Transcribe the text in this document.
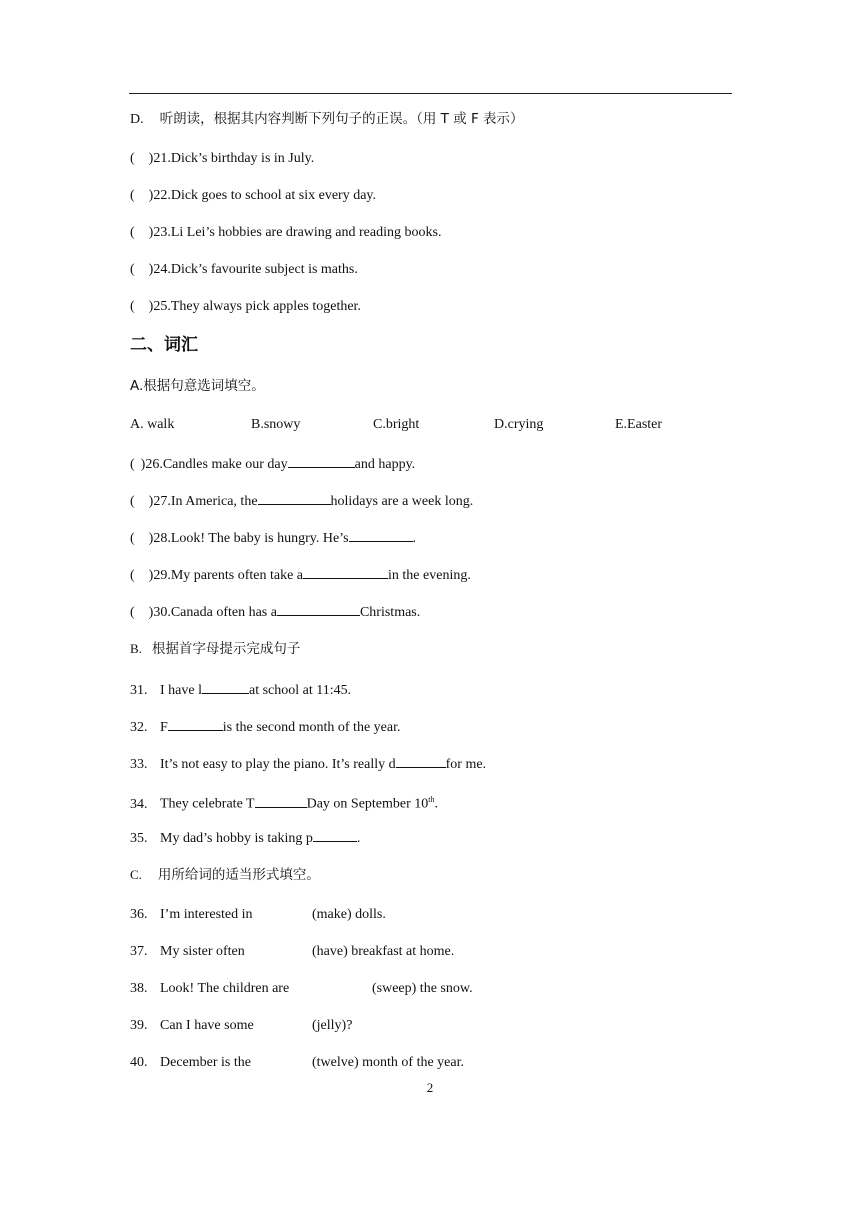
D. 听朗读，根据其内容判断下列句子的正误。（用 T 或 F 表示）
( )21.Dick’s birthday is in July.
( )22.Dick goes to school at six every day.
( )23.Li Lei’s hobbies are drawing and reading books.
( )24.Dick’s favourite subject is maths.
( )25.They always pick apples together.
二、词汇
A.根据句意选词填空。
A. walk	B.snowy	C.bright	D.crying	E.Easter
( )26.Candles make our day	and happy.
( )27.In America, the	holidays are a week long.
( )28.Look! The baby is hungry. He’s	.
( )29.My parents often take a	in the evening.
( )30.Canada often has a	Christmas.
B. 根据首字母提示完成句子
31. I have l	at school at 11:45.
32. F	is the second month of the year.
33. It’s not easy to play the piano. It’s really d	for me.
34. They celebrate T	Day on September 10th.
35. My dad’s hobby is taking p	.
C. 用所给词的适当形式填空。
36. I’m interested in	(make) dolls.
37. My sister often	(have) breakfast at home.
38. Look! The children are	(sweep) the snow.
39. Can I have some	(jelly)?
40. December is the	(twelve) month of the year.
2
